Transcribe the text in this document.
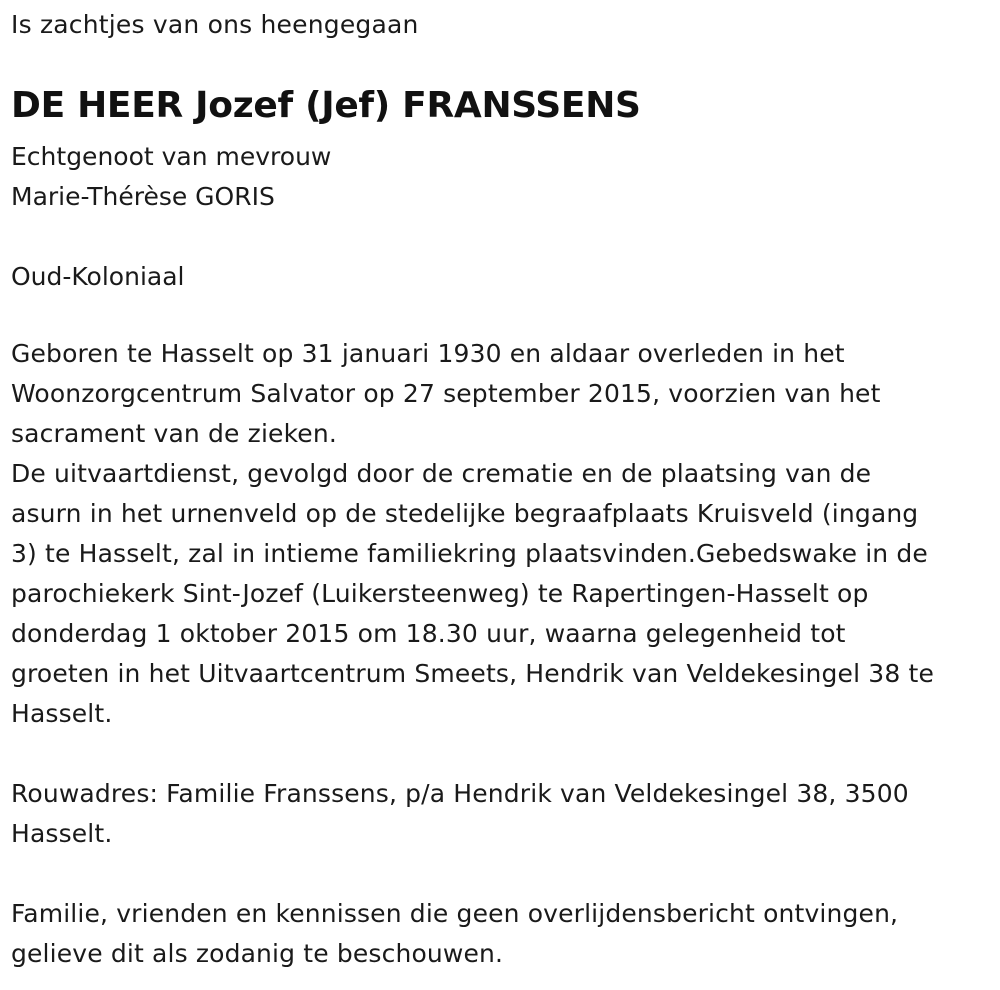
Is zachtjes van ons heengegaan
DE HEER Jozef (Jef) FRANSSENS
Echtgenoot van mevrouw
Marie-Thérèse GORIS
Oud-Koloniaal
Geboren te Hasselt op 31 januari 1930 en aldaar overleden in het
Woonzorgcentrum Salvator op 27 september 2015, voorzien van het
sacrament van de zieken.
De uitvaartdienst, gevolgd door de crematie en de plaatsing van de
asurn in het urnenveld op de stedelijke begraafplaats Kruisveld (ingang
3) te Hasselt, zal in intieme familiekring plaatsvinden.Gebedswake in de
parochiekerk Sint-Jozef (Luikersteenweg) te Rapertingen-Hasselt op
donderdag 1 oktober 2015 om 18.30 uur, waarna gelegenheid tot
groeten in het Uitvaartcentrum Smeets, Hendrik van Veldekesingel 38 te
Hasselt.
Rouwadres: Familie Franssens, p/a Hendrik van Veldekesingel 38, 3500
Hasselt.
Familie, vrienden en kennissen die geen overlijdensbericht ontvingen,
gelieve dit als zodanig te beschouwen.
